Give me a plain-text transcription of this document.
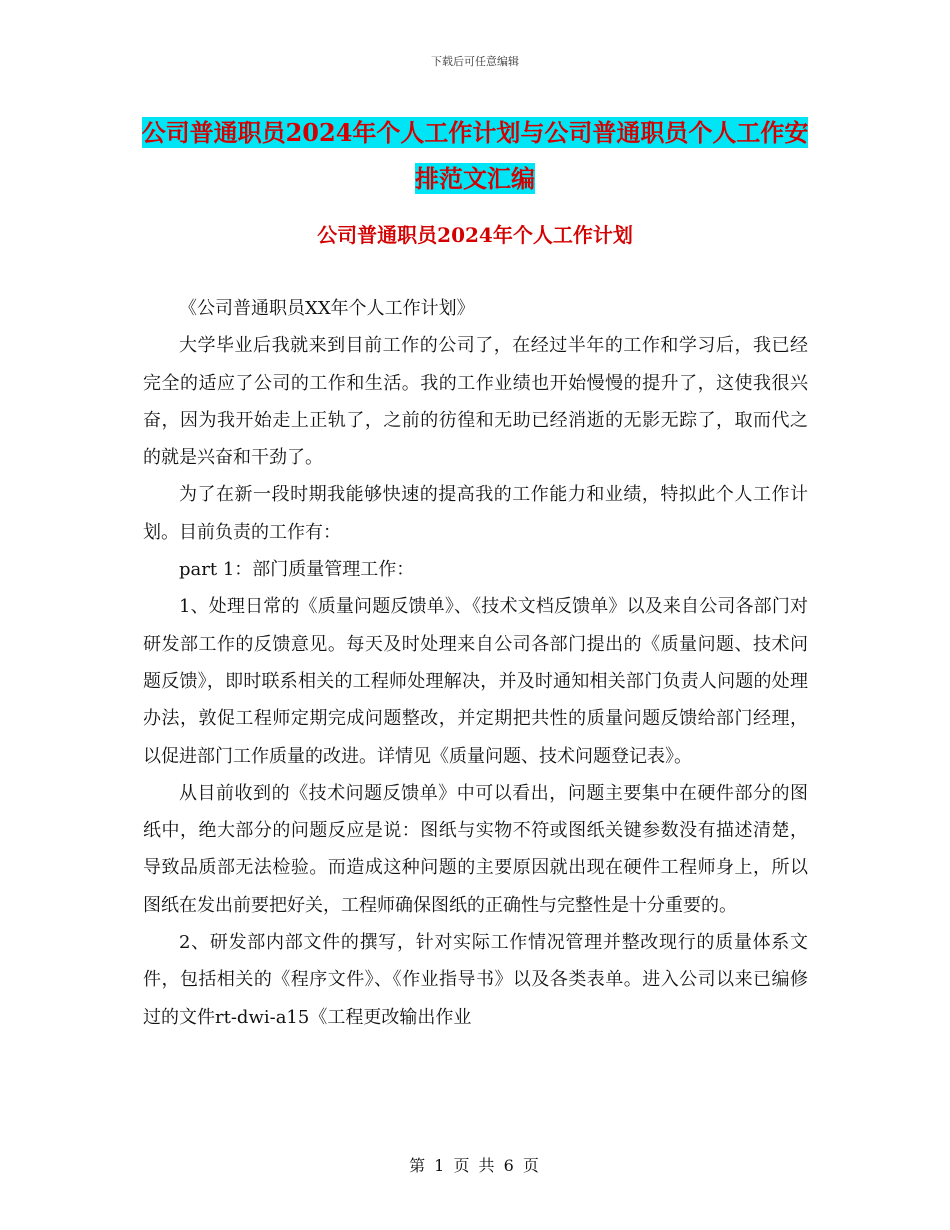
下载后可任意编辑
公司普通职员2024年个人工作计划与公司普通职员个人工作安排范文汇编
公司普通职员2024年个人工作计划

《公司普通职员XX年个人工作计划》

大学毕业后我就来到目前工作的公司了，在经过半年的工作和学习后，我已经完全的适应了公司的工作和生活。我的工作业绩也开始慢慢的提升了，这使我很兴奋，因为我开始走上正轨了，之前的彷徨和无助已经消逝的无影无踪了，取而代之的就是兴奋和干劲了。

为了在新一段时期我能够快速的提高我的工作能力和业绩，特拟此个人工作计划。目前负责的工作有：

part 1：部门质量管理工作：

1、处理日常的《质量问题反馈单》、《技术文档反馈单》以及来自公司各部门对研发部工作的反馈意见。每天及时处理来自公司各部门提出的《质量问题、技术问题反馈》，即时联系相关的工程师处理解决，并及时通知相关部门负责人问题的处理办法，敦促工程师定期完成问题整改，并定期把共性的质量问题反馈给部门经理，以促进部门工作质量的改进。详情见《质量问题、技术问题登记表》。

从目前收到的《技术问题反馈单》中可以看出，问题主要集中在硬件部分的图纸中，绝大部分的问题反应是说：图纸与实物不符或图纸关键参数没有描述清楚，导致品质部无法检验。而造成这种问题的主要原因就出现在硬件工程师身上，所以图纸在发出前要把好关，工程师确保图纸的正确性与完整性是十分重要的。

2、研发部内部文件的撰写，针对实际工作情况管理并整改现行的质量体系文件，包括相关的《程序文件》、《作业指导书》以及各类表单。进入公司以来已编修过的文件rt-dwi-a15《工程更改输出作业

第 1 页 共 6 页
